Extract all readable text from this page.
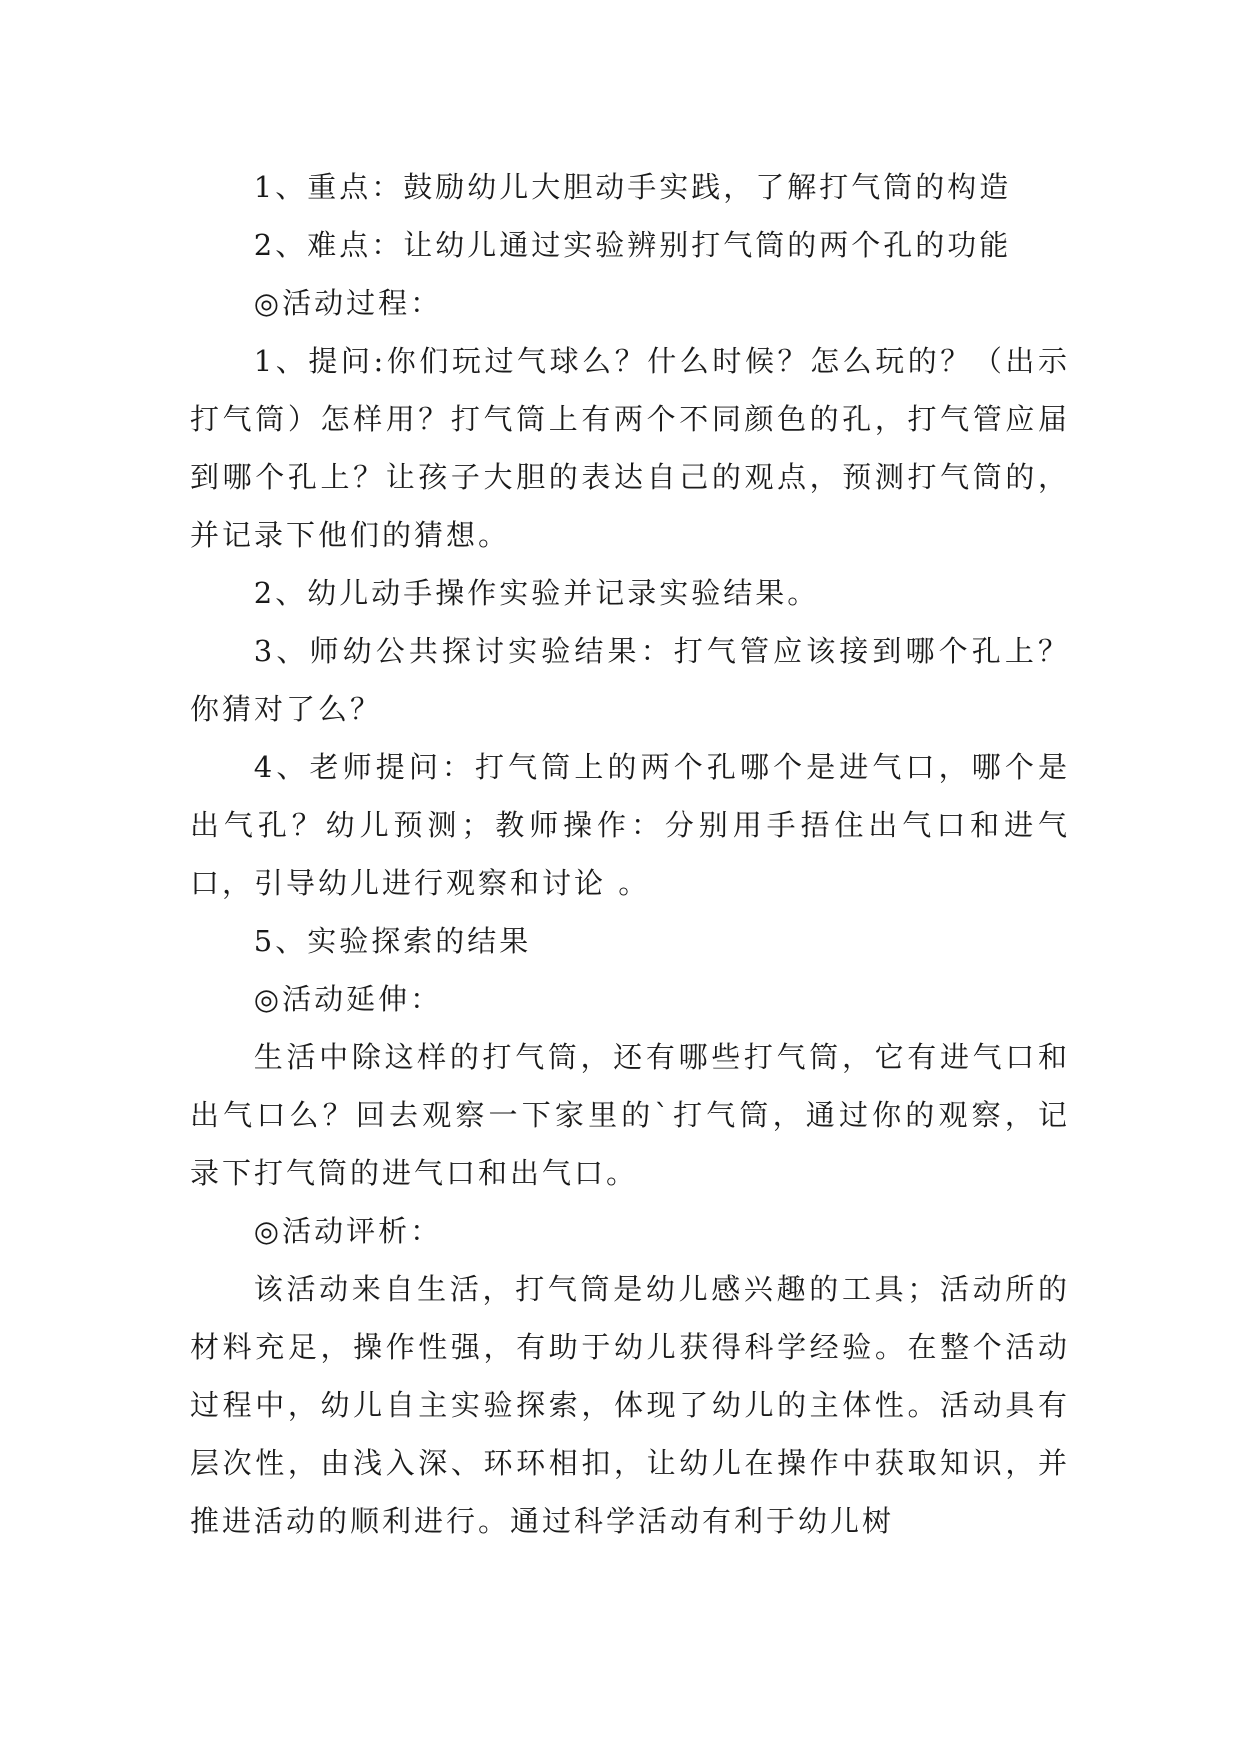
1、重点：鼓励幼儿大胆动手实践，了解打气筒的构造

2、难点：让幼儿通过实验辨别打气筒的两个孔的功能

◎活动过程：

1、提问:你们玩过气球么？什么时候？怎么玩的？（出示打气筒）怎样用？打气筒上有两个不同颜色的孔，打气管应届到哪个孔上？让孩子大胆的表达自己的观点，预测打气筒的，并记录下他们的猜想。

2、幼儿动手操作实验并记录实验结果。

3、师幼公共探讨实验结果：打气管应该接到哪个孔上？你猜对了么？

4、老师提问：打气筒上的两个孔哪个是进气口，哪个是出气孔？幼儿预测；教师操作：分别用手捂住出气口和进气口，引导幼儿进行观察和讨论 。

5、实验探索的结果

◎活动延伸：

生活中除这样的打气筒，还有哪些打气筒，它有进气口和出气口么？回去观察一下家里的`打气筒，通过你的观察，记录下打气筒的进气口和出气口。

◎活动评析：

该活动来自生活，打气筒是幼儿感兴趣的工具；活动所的材料充足，操作性强，有助于幼儿获得科学经验。在整个活动过程中，幼儿自主实验探索，体现了幼儿的主体性。活动具有层次性，由浅入深、环环相扣，让幼儿在操作中获取知识，并推进活动的顺利进行。通过科学活动有利于幼儿树
